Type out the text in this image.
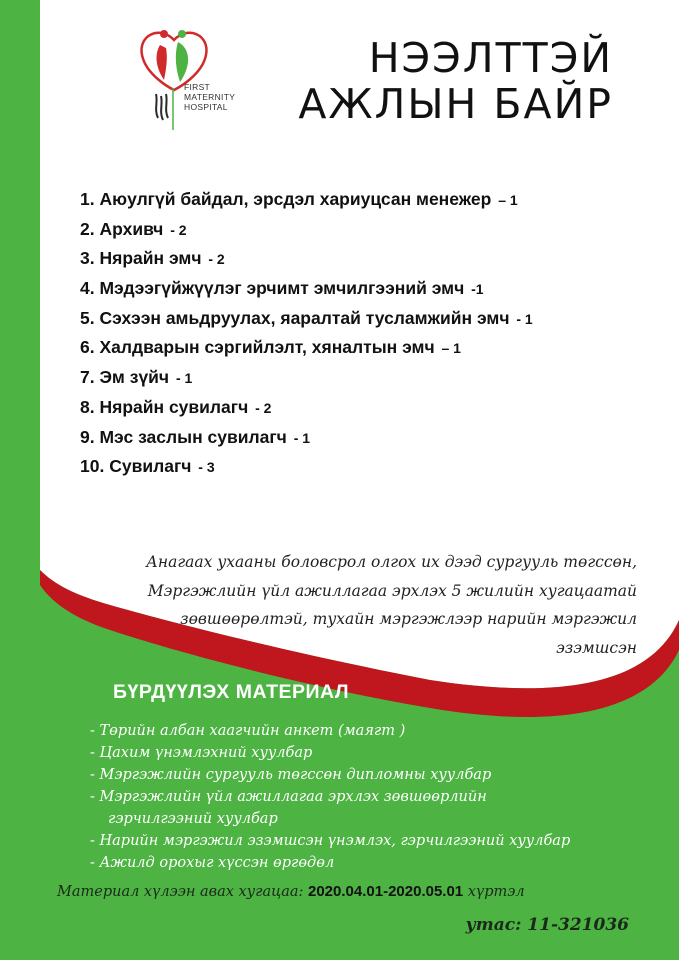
FIRST
MATERNITY
HOSPITAL
НЭЭЛТТЭЙ
АЖЛЫН БАЙР
1. Аюулгүй байдал, эрсдэл хариуцсан менежер – 1
2. Архивч - 2
3. Нярайн эмч - 2
4. Мэдээгүйжүүлэг эрчимт эмчилгээний эмч -1
5. Сэхээн амьдруулах, яаралтай тусламжийн эмч - 1
6. Халдварын сэргийлэлт, хяналтын эмч – 1
7. Эм зүйч - 1
8. Нярайн сувилагч - 2
9. Мэс заслын сувилагч - 1
10. Сувилагч - 3
Анагаах ухааны боловсрол олгох их дээд сургууль төгссөн,
Мэргэжлийн үйл ажиллагаа эрхлэх 5 жилийн хугацаатай
зөвшөөрөлтэй, тухайн мэргэжлээр нарийн мэргэжил
эзэмшсэн
БҮРДҮҮЛЭХ МАТЕРИАЛ
- Төрийн албан хаагчийн анкет (маягт )
- Цахим үнэмлэхний хуулбар
- Мэргэжлийн сургууль төгссөн дипломны хуулбар
- Мэргэжлийн үйл ажиллагаа эрхлэх зөвшөөрлийн
гэрчилгээний хуулбар
- Нарийн мэргэжил эзэмшсэн үнэмлэх, гэрчилгээний хуулбар
- Ажилд орохыг хүссэн өргөдөл
Материал хүлээн авах хугацаа: 2020.04.01-2020.05.01 хүртэл
утас: 11-321036
